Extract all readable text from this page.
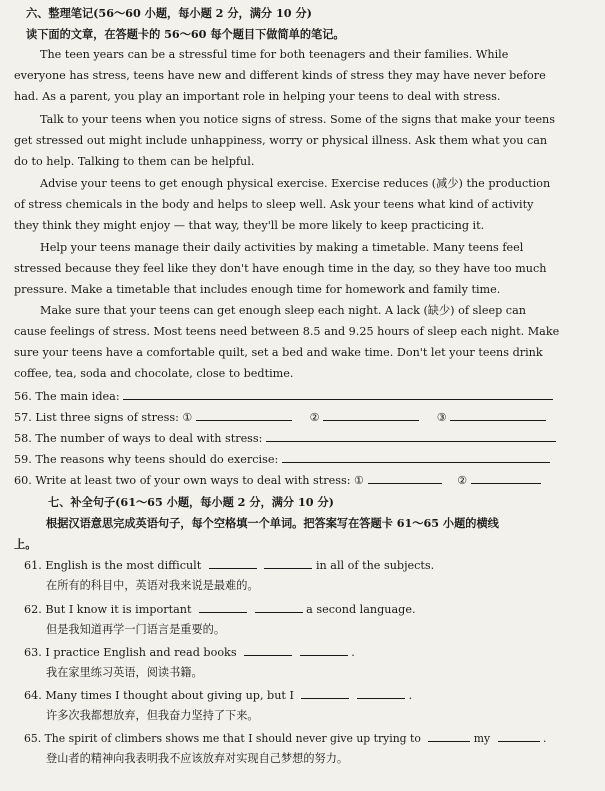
六、整理笔记(56～60 小题，每小题 2 分，满分 10 分)
读下面的文章，在答题卡的 56～60 每个题目下做简单的笔记。
The teen years can be a stressful time for both teenagers and their families. While
everyone has stress, teens have new and different kinds of stress they may have never before
had. As a parent, you play an important role in helping your teens to deal with stress.
Talk to your teens when you notice signs of stress. Some of the signs that make your teens
get stressed out might include unhappiness, worry or physical illness. Ask them what you can
do to help. Talking to them can be helpful.
Advise your teens to get enough physical exercise. Exercise reduces (减少) the production
of stress chemicals in the body and helps to sleep well. Ask your teens what kind of activity
they think they might enjoy — that way, they'll be more likely to keep practicing it.
Help your teens manage their daily activities by making a timetable. Many teens feel
stressed because they feel like they don't have enough time in the day, so they have too much
pressure. Make a timetable that includes enough time for homework and family time.
Make sure that your teens can get enough sleep each night. A lack (缺少) of sleep can
cause feelings of stress. Most teens need between 8.5 and 9.25 hours of sleep each night. Make
sure your teens have a comfortable quilt, set a bed and wake time. Don't let your teens drink
coffee, tea, soda and chocolate, close to bedtime.
56. The main idea:
57. List three signs of stress: ①	②	③
58. The number of ways to deal with stress:
59. The reasons why teens should do exercise:
60. Write at least two of your own ways to deal with stress: ①	②
七、补全句子(61～65 小题，每小题 2 分，满分 10 分)
根据汉语意思完成英语句子，每个空格填一个单词。把答案写在答题卡 61～65 小题的横线
上。
61. English is the most difficult	in all of the subjects.
在所有的科目中，英语对我来说是最难的。
62. But I know it is important	a second language.
但是我知道再学一门语言是重要的。
63. I practice English and read books	.
我在家里练习英语，阅读书籍。
64. Many times I thought about giving up, but I	.
许多次我都想放弃，但我奋力坚持了下来。
65. The spirit of climbers shows me that I should never give up trying to	my	.
登山者的精神向我表明我不应该放弃对实现自己梦想的努力。
